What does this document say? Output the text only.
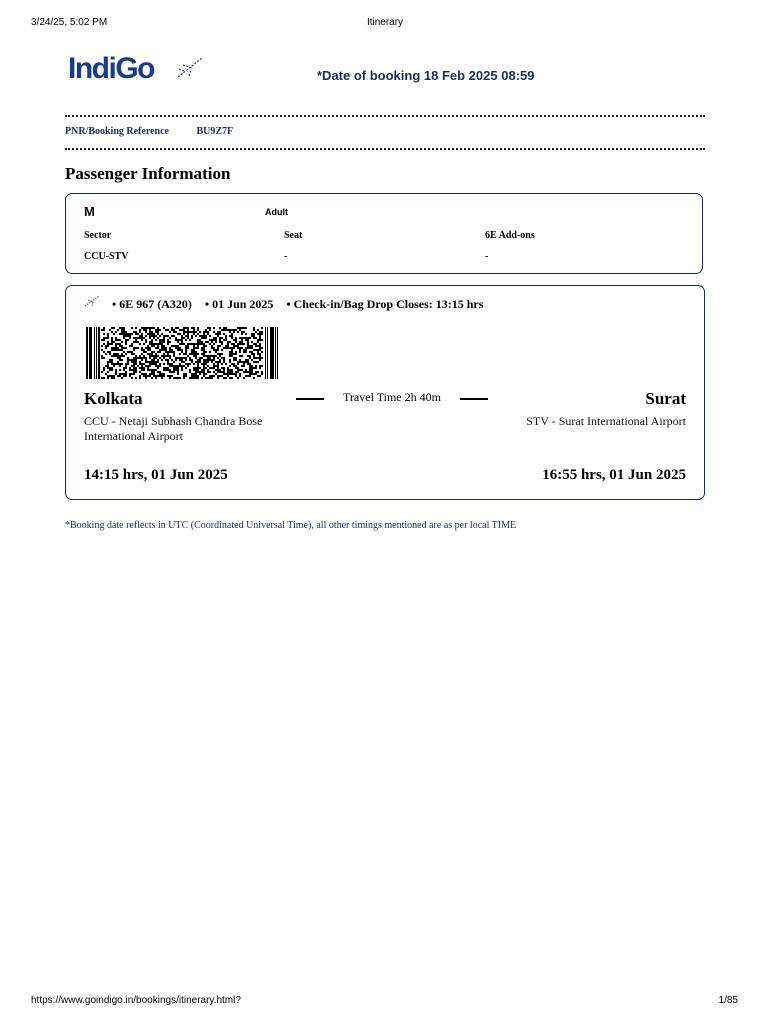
3/24/25, 5:02 PM	Itinerary
IndiGo	*Date of booking 18 Feb 2025 08:59
PNR/Booking Reference	BU9Z7F
Passenger Information
M	Adult
Sector	Seat	6E Add-ons
CCU-STV	-	-
• 6E 967 (A320) • 01 Jun 2025 • Check-in/Bag Drop Closes: 13:15 hrs
Kolkata	Travel Time 2h 40m	Surat
CCU - Netaji Subhash Chandra Bose International Airport
STV - Surat International Airport
14:15 hrs, 01 Jun 2025	16:55 hrs, 01 Jun 2025
*Booking date reflects in UTC (Coordinated Universal Time), all other timings mentioned are as per local TIME
https://www.goindigo.in/bookings/itinerary.html?	1/85
